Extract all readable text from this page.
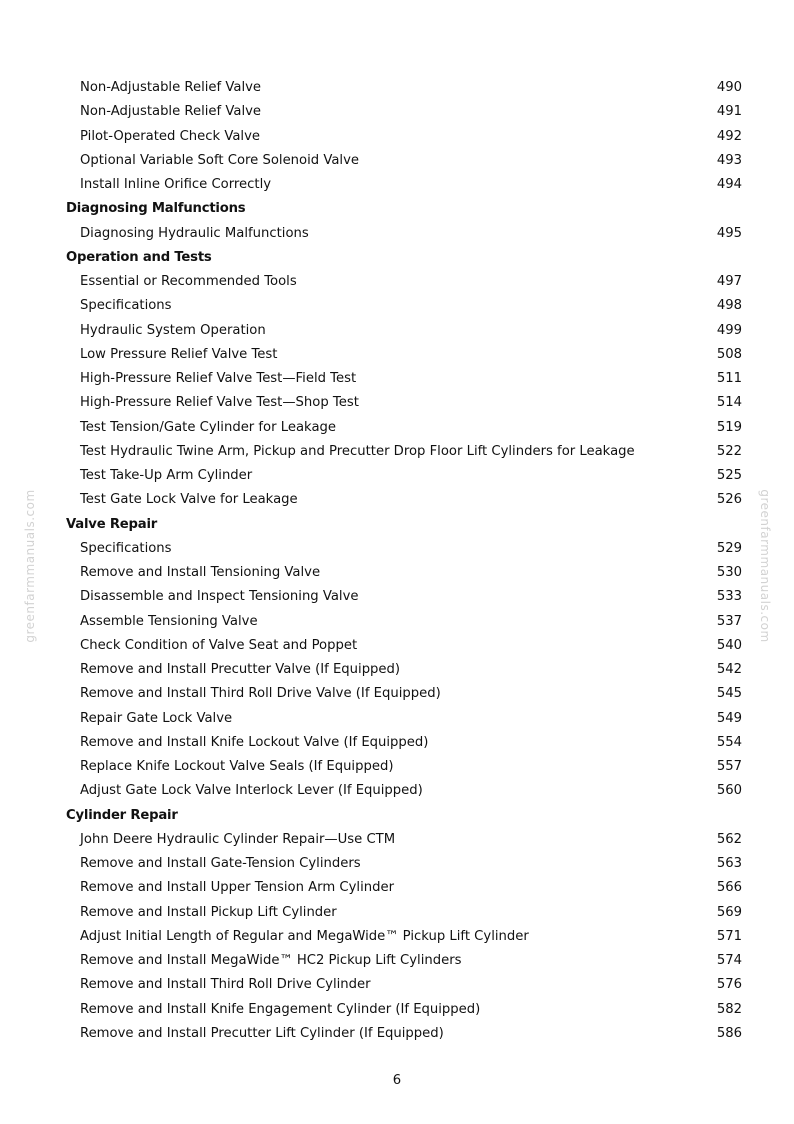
greenfarmmanuals.com	greenfarmmanuals.com
Non-Adjustable Relief Valve	490
Non-Adjustable Relief Valve	491
Pilot-Operated Check Valve	492
Optional Variable Soft Core Solenoid Valve	493
Install Inline Orifice Correctly	494
Diagnosing Malfunctions
Diagnosing Hydraulic Malfunctions	495
Operation and Tests
Essential or Recommended Tools	497
Specifications	498
Hydraulic System Operation	499
Low Pressure Relief Valve Test	508
High-Pressure Relief Valve Test—Field Test	511
High-Pressure Relief Valve Test—Shop Test	514
Test Tension/Gate Cylinder for Leakage	519
Test Hydraulic Twine Arm, Pickup and Precutter Drop Floor Lift Cylinders for Leakage	522
Test Take-Up Arm Cylinder	525
Test Gate Lock Valve for Leakage	526
Valve Repair
Specifications	529
Remove and Install Tensioning Valve	530
Disassemble and Inspect Tensioning Valve	533
Assemble Tensioning Valve	537
Check Condition of Valve Seat and Poppet	540
Remove and Install Precutter Valve (If Equipped)	542
Remove and Install Third Roll Drive Valve (If Equipped)	545
Repair Gate Lock Valve	549
Remove and Install Knife Lockout Valve (If Equipped)	554
Replace Knife Lockout Valve Seals (If Equipped)	557
Adjust Gate Lock Valve Interlock Lever (If Equipped)	560
Cylinder Repair
John Deere Hydraulic Cylinder Repair—Use CTM	562
Remove and Install Gate-Tension Cylinders	563
Remove and Install Upper Tension Arm Cylinder	566
Remove and Install Pickup Lift Cylinder	569
Adjust Initial Length of Regular and MegaWide™ Pickup Lift Cylinder	571
Remove and Install MegaWide™ HC2 Pickup Lift Cylinders	574
Remove and Install Third Roll Drive Cylinder	576
Remove and Install Knife Engagement Cylinder (If Equipped)	582
Remove and Install Precutter Lift Cylinder (If Equipped)	586
6
